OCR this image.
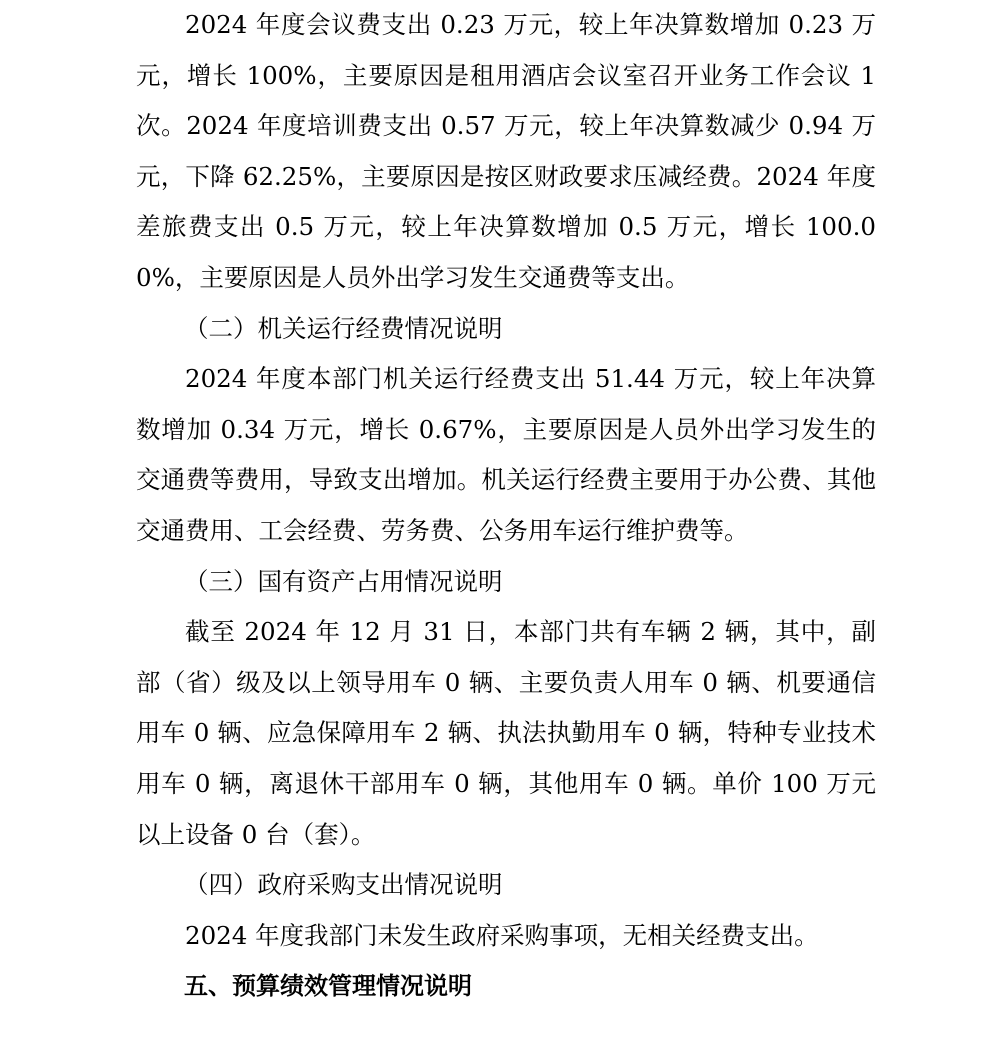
2024 年度会议费支出 0.23 万元，较上年决算数增加 0.23 万元，增长 100%，主要原因是租用酒店会议室召开业务工作会议 1 次。2024 年度培训费支出 0.57 万元，较上年决算数减少 0.94 万元，下降 62.25%，主要原因是按区财政要求压减经费。2024 年度差旅费支出 0.5 万元，较上年决算数增加 0.5 万元，增长 100.00%，主要原因是人员外出学习发生交通费等支出。

（二）机关运行经费情况说明

2024 年度本部门机关运行经费支出 51.44 万元，较上年决算数增加 0.34 万元，增长 0.67%，主要原因是人员外出学习发生的交通费等费用，导致支出增加。机关运行经费主要用于办公费、其他交通费用、工会经费、劳务费、公务用车运行维护费等。

（三）国有资产占用情况说明

截至 2024 年 12 月 31 日，本部门共有车辆 2 辆，其中，副部（省）级及以上领导用车 0 辆、主要负责人用车 0 辆、机要通信用车 0 辆、应急保障用车 2 辆、执法执勤用车 0 辆，特种专业技术用车 0 辆，离退休干部用车 0 辆，其他用车 0 辆。单价 100 万元以上设备 0 台（套）。

（四）政府采购支出情况说明

2024 年度我部门未发生政府采购事项，无相关经费支出。

五、预算绩效管理情况说明
